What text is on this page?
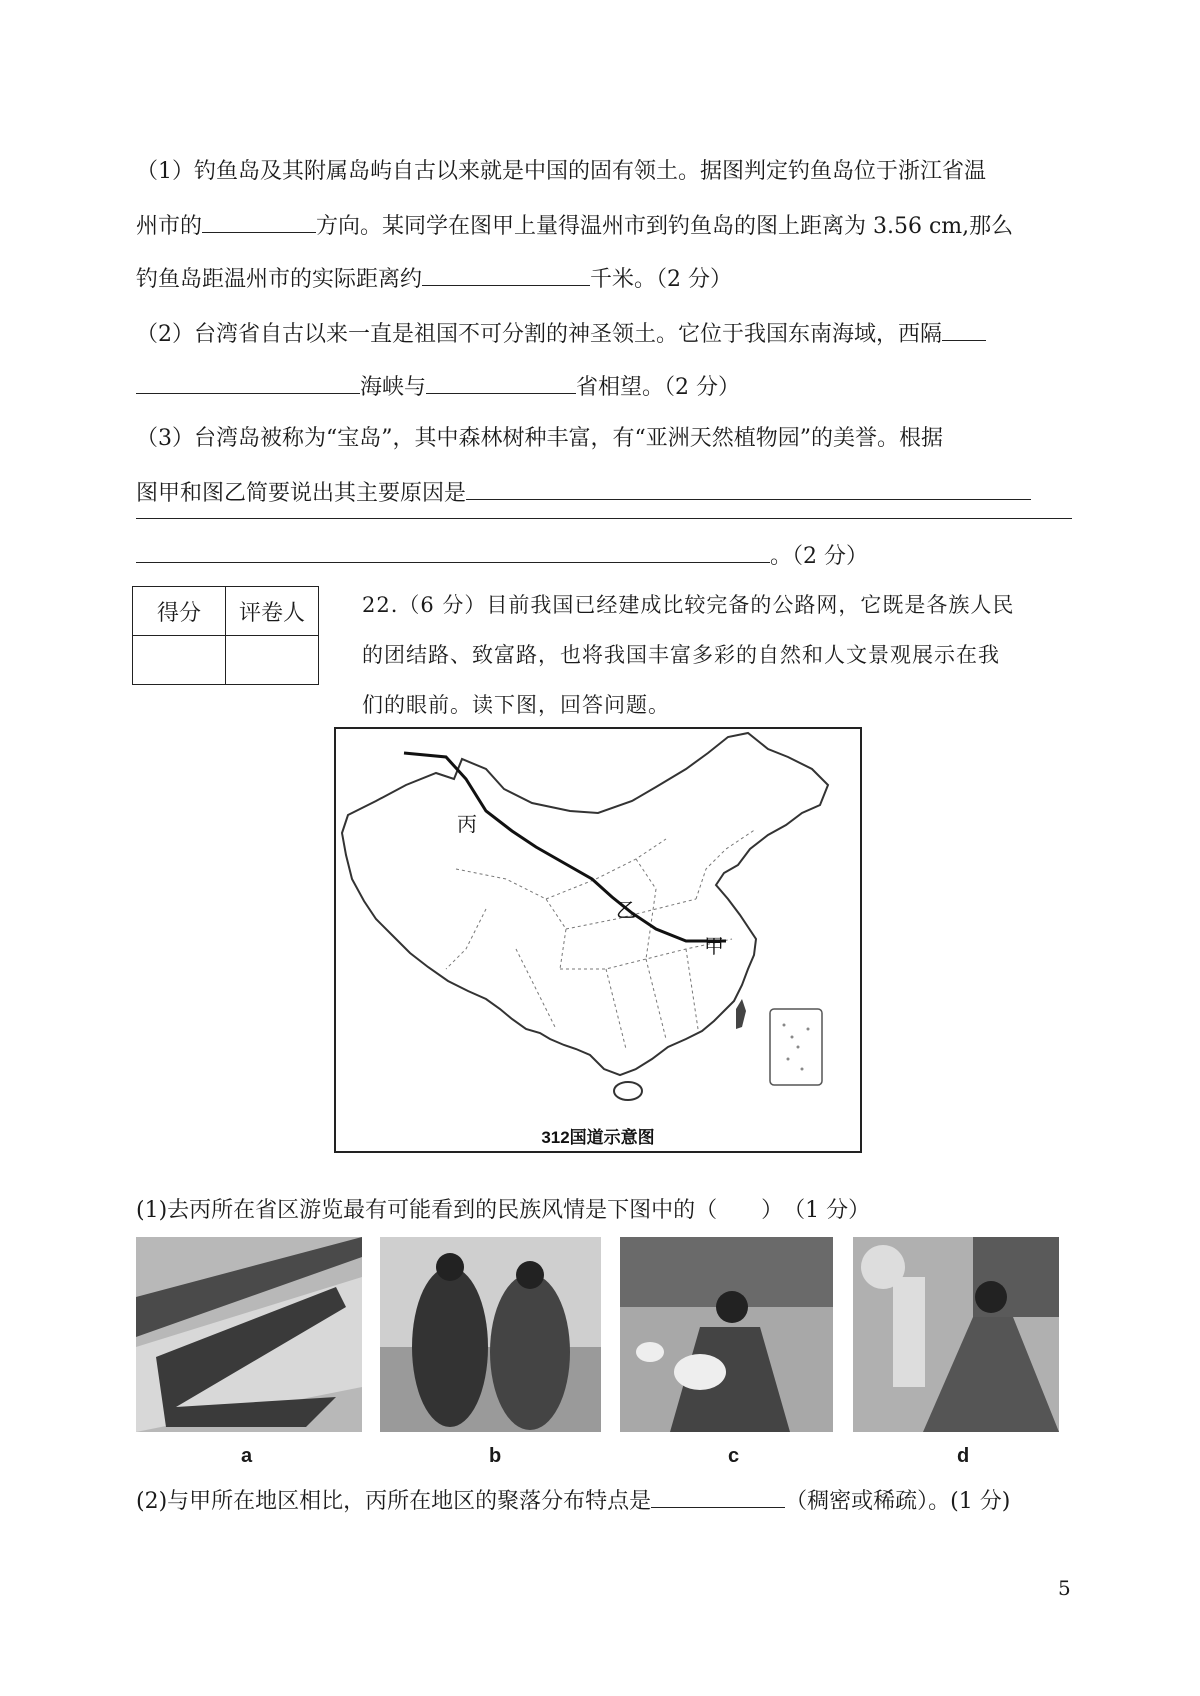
（1）钓鱼岛及其附属岛屿自古以来就是中国的固有领土。据图判定钓鱼岛位于浙江省温
州市的	方向。某同学在图甲上量得温州市到钓鱼岛的图上距离为 3.56 cm,那么
钓鱼岛距温州市的实际距离约	千米。（2 分）
（2）台湾省自古以来一直是祖国不可分割的神圣领土。它位于我国东南海域，西隔
海峡与	省相望。（2 分）
（3）台湾岛被称为“宝岛”，其中森林树种丰富，有“亚洲天然植物园”的美誉。根据
图甲和图乙简要说出其主要原因是
。（2 分）
得分	评卷人
		22.（6 分）目前我国已经建成比较完备的公路网，它既是各族人民
的团结路、致富路，也将我国丰富多彩的自然和人文景观展示在我
们的眼前。读下图，回答问题。
丙
乙
甲
312国道示意图
(1)去丙所在省区游览最有可能看到的民族风情是下图中的（　　）　（1 分）
a	b	c	d
(2)与甲所在地区相比，丙所在地区的聚落分布特点是	（稠密或稀疏）。(1 分)
5
